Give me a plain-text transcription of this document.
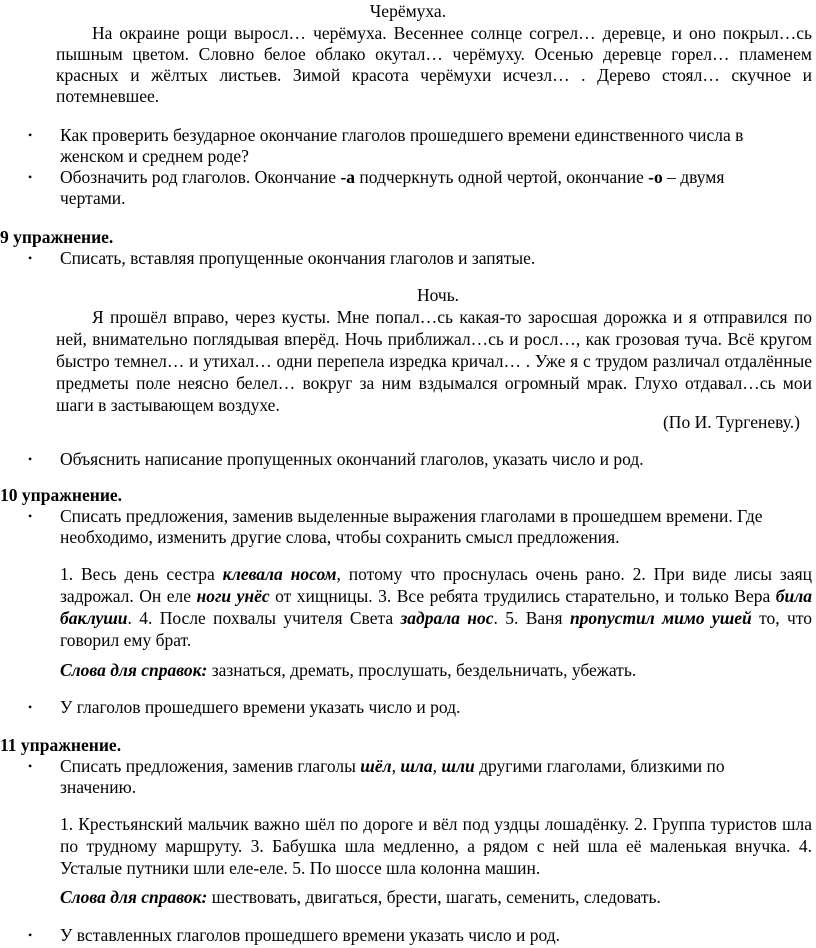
Черёмуха.
На окраине рощи выросл… черёмуха. Весеннее солнце согрел… деревце, и оно покрыл…сь пышным цветом. Словно белое облако окутал… черёмуху. Осенью деревце горел… пламенем красных и жёлтых листьев. Зимой красота черёмухи исчезл… . Дерево стоял… скучное и потемневшее.
• Как проверить безударное окончание глаголов прошедшего времени единственного числа в женском и среднем роде?
• Обозначить род глаголов. Окончание -а подчеркнуть одной чертой, окончание -о – двумя чертами.
9 упражнение.
• Списать, вставляя пропущенные окончания глаголов и запятые.
Ночь.
Я прошёл вправо, через кусты. Мне попал…сь какая-то заросшая дорожка и я отправился по ней, внимательно поглядывая вперёд. Ночь приближал…сь и росл…, как грозовая туча. Всё кругом быстро темнел… и утихал… одни перепела изредка кричал… . Уже я с трудом различал отдалённые предметы поле неясно белел… вокруг за ним вздымался огромный мрак. Глухо отдавал…сь мои шаги в застывающем воздухе.
(По И. Тургеневу.)
• Объяснить написание пропущенных окончаний глаголов, указать число и род.
10 упражнение.
• Списать предложения, заменив выделенные выражения глаголами в прошедшем времени. Где необходимо, изменить другие слова, чтобы сохранить смысл предложения.
1. Весь день сестра клевала носом, потому что проснулась очень рано. 2. При виде лисы заяц задрожал. Он еле ноги унёс от хищницы. 3. Все ребята трудились старательно, и только Вера била баклуши. 4. После похвалы учителя Света задрала нос. 5. Ваня пропустил мимо ушей то, что говорил ему брат.
Слова для справок: зазнаться, дремать, прослушать, бездельничать, убежать.
• У глаголов прошедшего времени указать число и род.
11 упражнение.
• Списать предложения, заменив глаголы шёл, шла, шли другими глаголами, близкими по значению.
1. Крестьянский мальчик важно шёл по дороге и вёл под уздцы лошадёнку. 2. Группа туристов шла по трудному маршруту. 3. Бабушка шла медленно, а рядом с ней шла её маленькая внучка. 4. Усталые путники шли еле-еле. 5. По шоссе шла колонна машин.
Слова для справок: шествовать, двигаться, брести, шагать, семенить, следовать.
• У вставленных глаголов прошедшего времени указать число и род.
